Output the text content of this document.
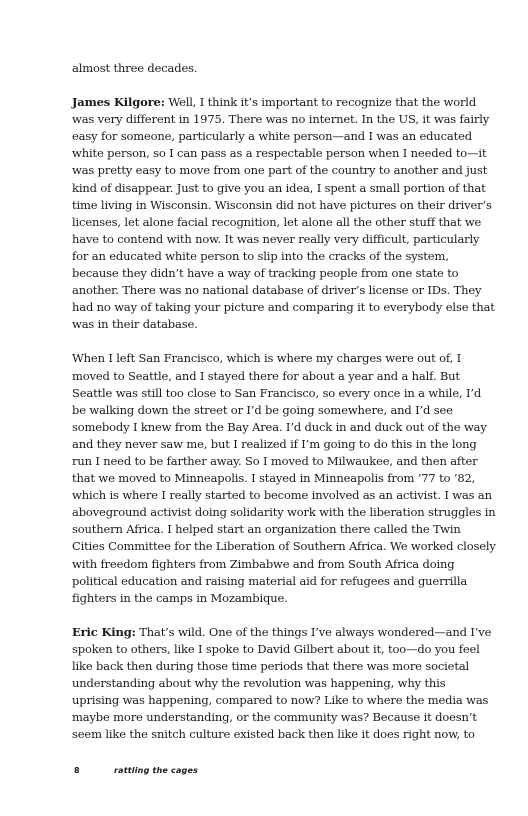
almost three decades.

James Kilgore: Well, I think it’s important to recognize that the world was very different in 1975. There was no internet. In the US, it was fairly easy for someone, particularly a white person—and I was an educated white person, so I can pass as a respectable person when I needed to—it was pretty easy to move from one part of the country to another and just kind of disappear. Just to give you an idea, I spent a small portion of that time living in Wisconsin. Wisconsin did not have pictures on their driver’s licenses, let alone facial recognition, let alone all the other stuff that we have to contend with now. It was never really very difficult, particularly for an educated white person to slip into the cracks of the system, because they didn’t have a way of tracking people from one state to another. There was no national database of driver’s license or IDs. They had no way of taking your picture and comparing it to everybody else that was in their database.

When I left San Francisco, which is where my charges were out of, I moved to Seattle, and I stayed there for about a year and a half. But Seattle was still too close to San Francisco, so every once in a while, I’d be walking down the street or I’d be going somewhere, and I’d see somebody I knew from the Bay Area. I’d duck in and duck out of the way and they never saw me, but I realized if I’m going to do this in the long run I need to be farther away. So I moved to Milwaukee, and then after that we moved to Minneapolis. I stayed in Minneapolis from ’77 to ’82, which is where I really started to become involved as an activist. I was an aboveground activist doing solidarity work with the liberation struggles in southern Africa. I helped start an organization there called the Twin Cities Committee for the Liberation of Southern Africa. We worked closely with freedom fighters from Zimbabwe and from South Africa doing political education and raising material aid for refugees and guerrilla fighters in the camps in Mozambique.

Eric King: That’s wild. One of the things I’ve always wondered—and I’ve spoken to others, like I spoke to David Gilbert about it, too—do you feel like back then during those time periods that there was more societal understanding about why the revolution was happening, why this uprising was happening, compared to now? Like to where the media was maybe more understanding, or the community was? Because it doesn’t seem like the snitch culture existed back then like it does right now, to

8	rattling the cages
